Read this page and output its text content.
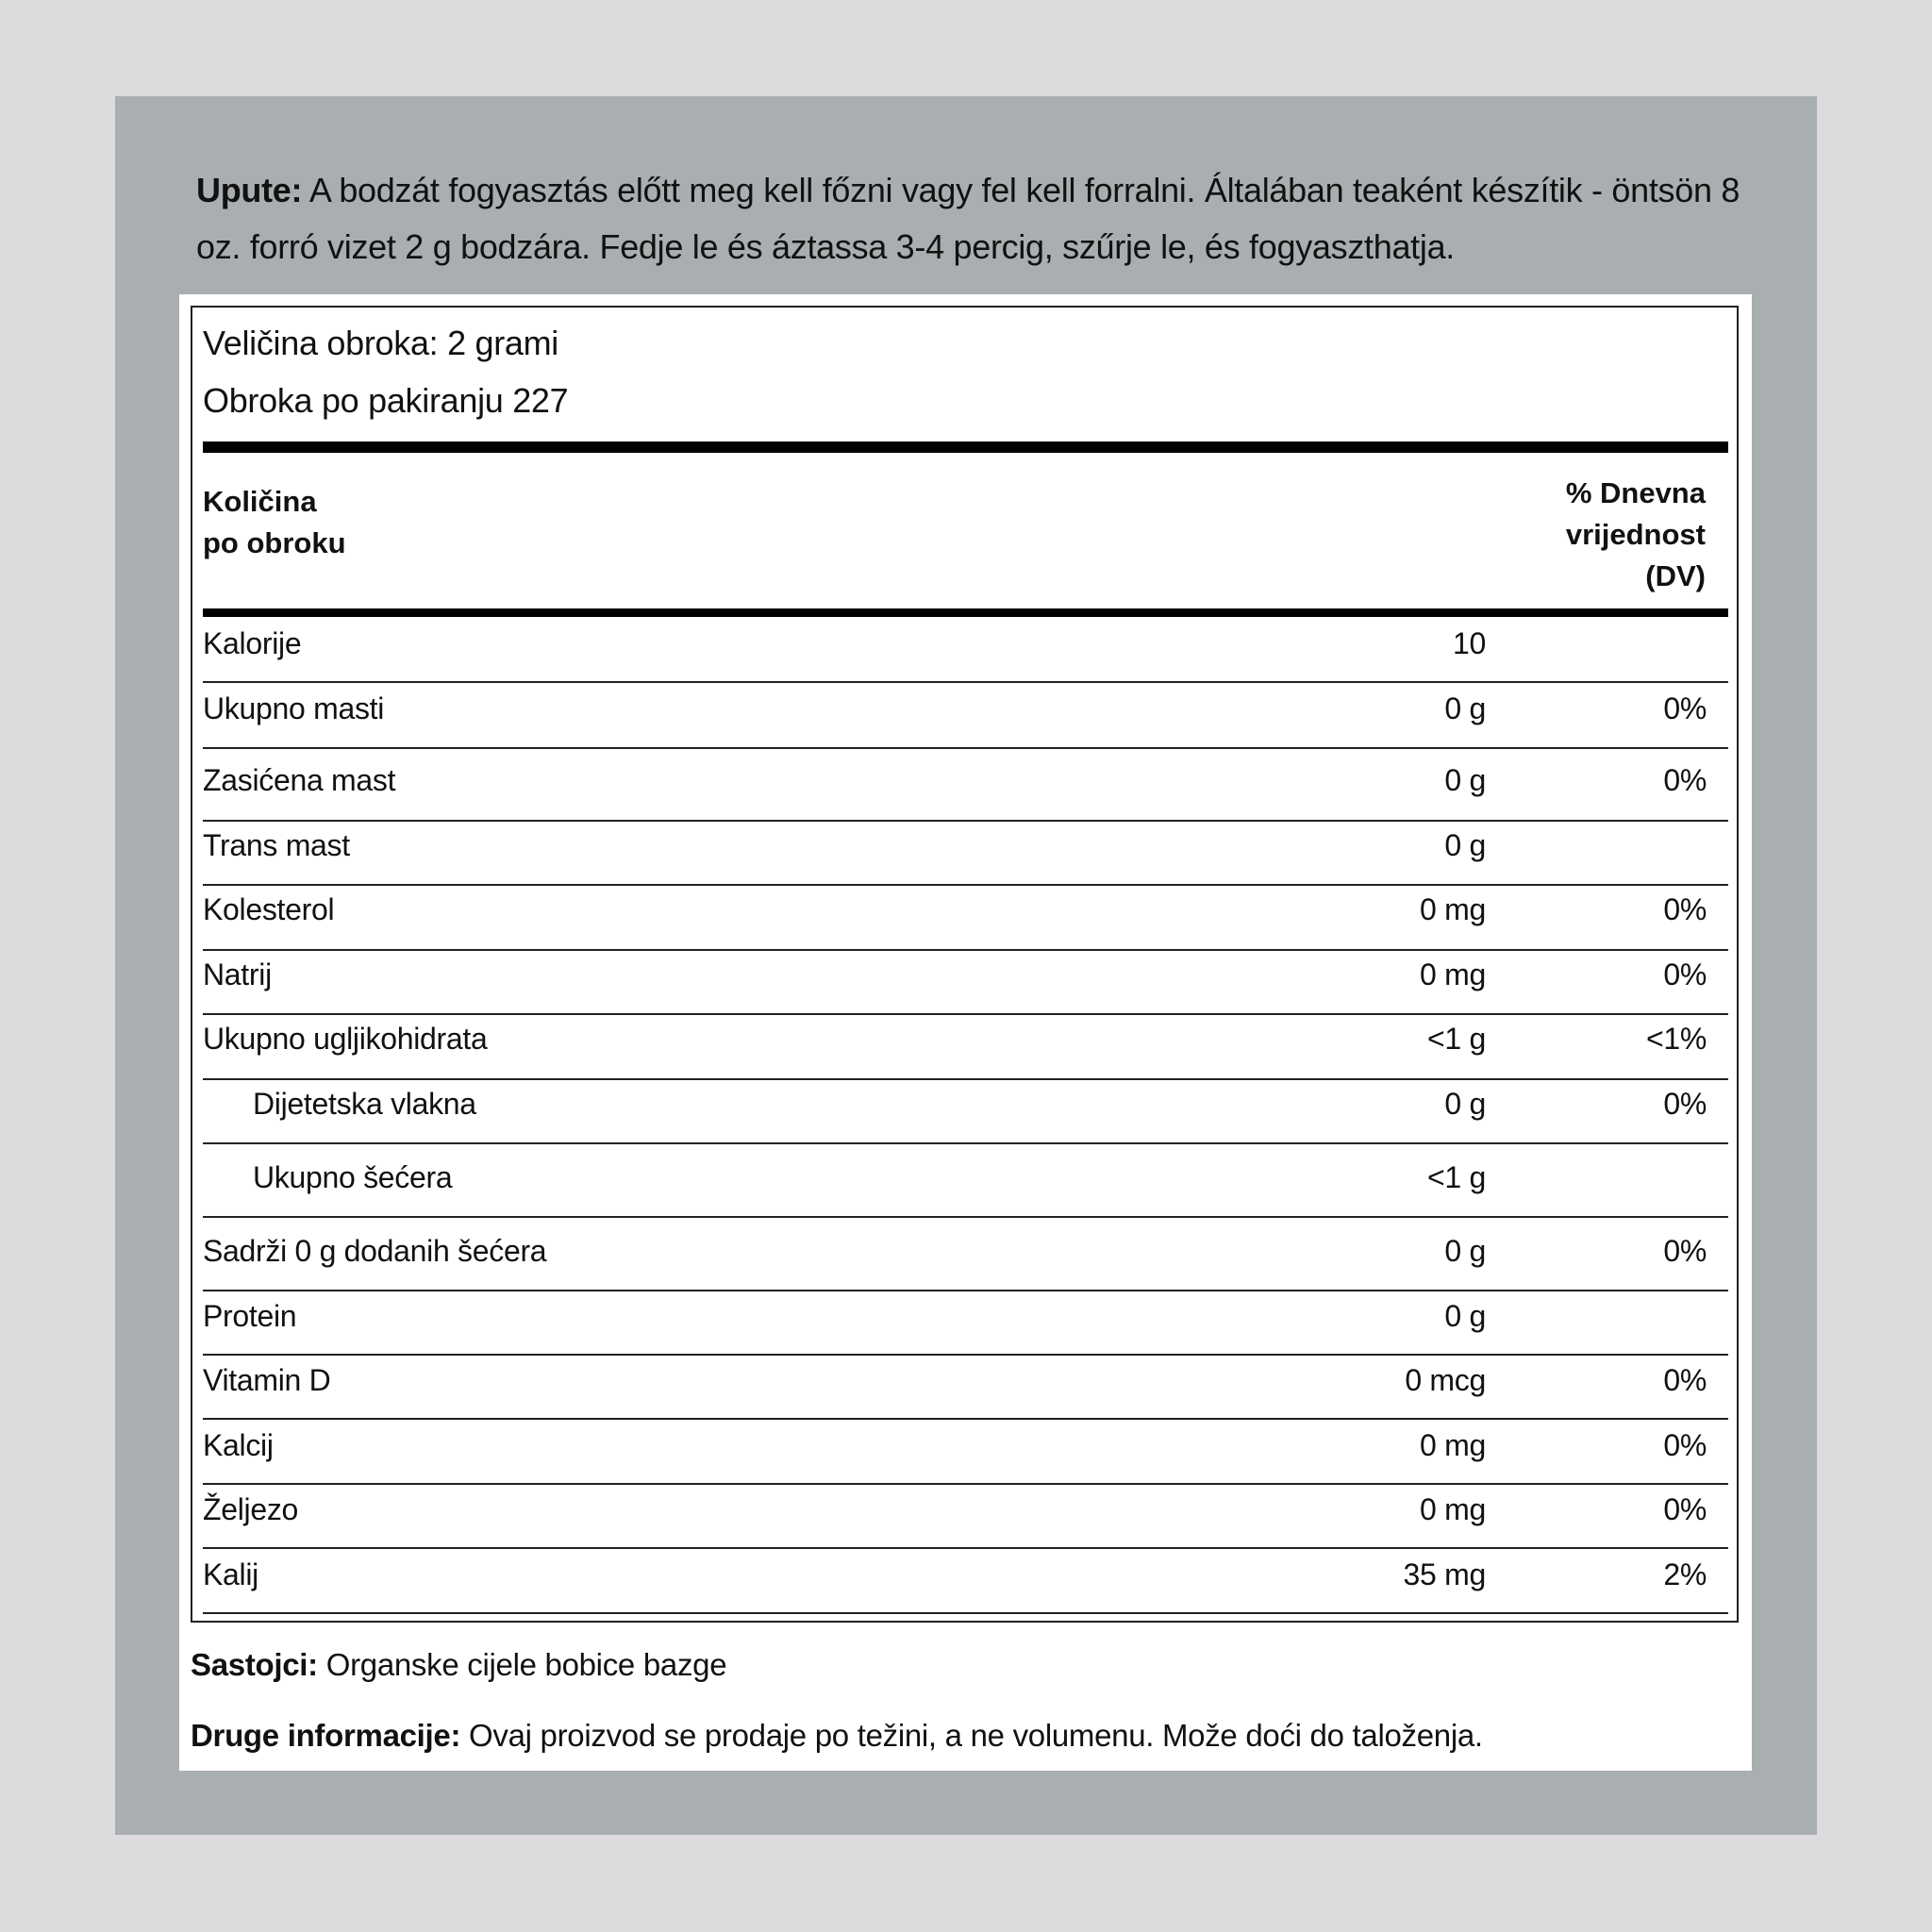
Upute: A bodzát fogyasztás előtt meg kell főzni vagy fel kell forralni. Általában teaként készítik - öntsön 8 oz. forró vizet 2 g bodzára. Fedje le és áztassa 3-4 percig, szűrje le, és fogyaszthatja.
Veličina obroka: 2 grami
Obroka po pakiranju 227
Količina
po obroku
% Dnevna
vrijednost
(DV)
Kalorije	10
Ukupno masti	0 g	0%
Zasićena mast	0 g	0%
Trans mast	0 g
Kolesterol	0 mg	0%
Natrij	0 mg	0%
Ukupno ugljikohidrata	<1 g	<1%
Dijetetska vlakna	0 g	0%
Ukupno šećera	<1 g
Sadrži 0 g dodanih šećera	0 g	0%
Protein	0 g
Vitamin D	0 mcg	0%
Kalcij	0 mg	0%
Željezo	0 mg	0%
Kalij	35 mg	2%
Sastojci: Organske cijele bobice bazge
Druge informacije: Ovaj proizvod se prodaje po težini, a ne volumenu. Može doći do taloženja.
